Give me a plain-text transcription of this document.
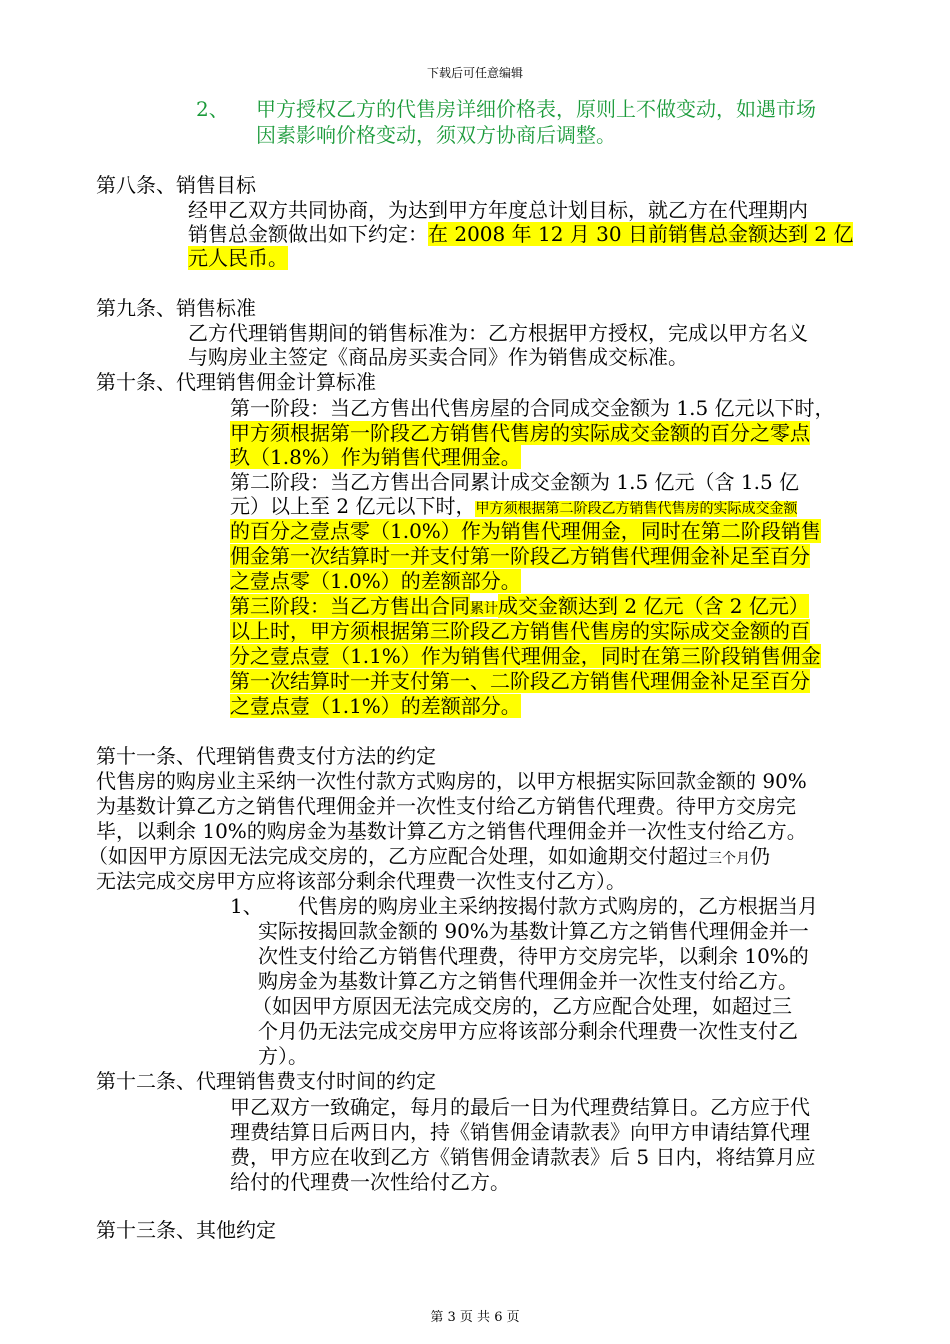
下载后可任意编辑
2、 甲方授权乙方的代售房详细价格表，原则上不做变动，如遇市场
因素影响价格变动，须双方协商后调整。
第八条、销售目标
经甲乙双方共同协商，为达到甲方年度总计划目标，就乙方在代理期内
销售总金额做出如下约定：在 2008 年 12 月 30 日前销售总金额达到 2 亿
元人民币。
第九条、销售标准
乙方代理销售期间的销售标准为：乙方根据甲方授权，完成以甲方名义
与购房业主签定《商品房买卖合同》作为销售成交标准。
第十条、代理销售佣金计算标准
第一阶段：当乙方售出代售房屋的合同成交金额为 1.5 亿元以下时，
甲方须根据第一阶段乙方销售代售房的实际成交金额的百分之零点
玖（1.8%）作为销售代理佣金。
第二阶段：当乙方售出合同累计成交金额为 1.5 亿元（含 1.5 亿
元）以上至 2 亿元以下时，甲方须根据第二阶段乙方销售代售房的实际成交金额
的百分之壹点零（1.0%）作为销售代理佣金，同时在第二阶段销售
佣金第一次结算时一并支付第一阶段乙方销售代理佣金补足至百分
之壹点零（1.0%）的差额部分。
第三阶段：当乙方售出合同累计成交金额达到 2 亿元（含 2 亿元）
以上时，甲方须根据第三阶段乙方销售代售房的实际成交金额的百
分之壹点壹（1.1%）作为销售代理佣金，同时在第三阶段销售佣金
第一次结算时一并支付第一、二阶段乙方销售代理佣金补足至百分
之壹点壹（1.1%）的差额部分。
第十一条、代理销售费支付方法的约定
代售房的购房业主采纳一次性付款方式购房的，以甲方根据实际回款金额的 90%
为基数计算乙方之销售代理佣金并一次性支付给乙方销售代理费。待甲方交房完
毕，以剩余 10%的购房金为基数计算乙方之销售代理佣金并一次性支付给乙方。
（如因甲方原因无法完成交房的，乙方应配合处理，如如逾期交付超过三个月仍
无法完成交房甲方应将该部分剩余代理费一次性支付乙方）。
1、 代售房的购房业主采纳按揭付款方式购房的，乙方根据当月
实际按揭回款金额的 90%为基数计算乙方之销售代理佣金并一
次性支付给乙方销售代理费，待甲方交房完毕，以剩余 10%的
购房金为基数计算乙方之销售代理佣金并一次性支付给乙方。
（如因甲方原因无法完成交房的，乙方应配合处理，如超过三
个月仍无法完成交房甲方应将该部分剩余代理费一次性支付乙
方）。
第十二条、代理销售费支付时间的约定
甲乙双方一致确定，每月的最后一日为代理费结算日。乙方应于代
理费结算日后两日内，持《销售佣金请款表》向甲方申请结算代理
费，甲方应在收到乙方《销售佣金请款表》后 5 日内，将结算月应
给付的代理费一次性给付乙方。
第十三条、其他约定
第 3 页 共 6 页
